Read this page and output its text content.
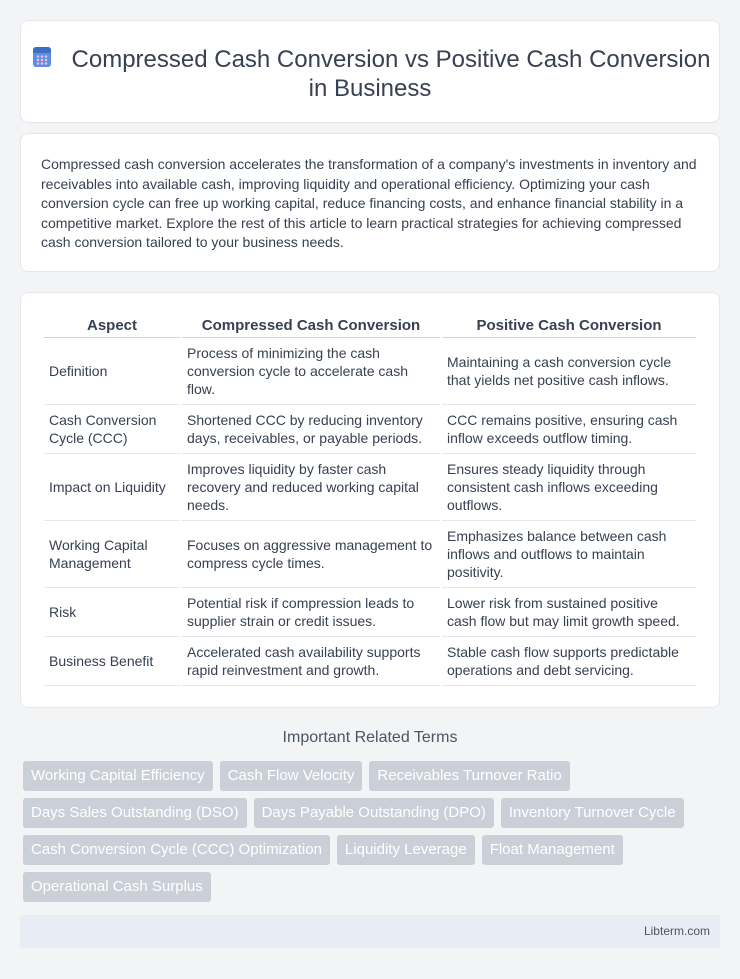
Compressed Cash Conversion vs Positive Cash Conversion in Business

Compressed cash conversion accelerates the transformation of a company's investments in inventory and receivables into available cash, improving liquidity and operational efficiency. Optimizing your cash conversion cycle can free up working capital, reduce financing costs, and enhance financial stability in a competitive market. Explore the rest of this article to learn practical strategies for achieving compressed cash conversion tailored to your business needs.

Aspect	Compressed Cash Conversion	Positive Cash Conversion
Definition	Process of minimizing the cash conversion cycle to accelerate cash flow.	Maintaining a cash conversion cycle that yields net positive cash inflows.
Cash Conversion Cycle (CCC)	Shortened CCC by reducing inventory days, receivables, or payable periods.	CCC remains positive, ensuring cash inflow exceeds outflow timing.
Impact on Liquidity	Improves liquidity by faster cash recovery and reduced working capital needs.	Ensures steady liquidity through consistent cash inflows exceeding outflows.
Working Capital Management	Focuses on aggressive management to compress cycle times.	Emphasizes balance between cash inflows and outflows to maintain positivity.
Risk	Potential risk if compression leads to supplier strain or credit issues.	Lower risk from sustained positive cash flow but may limit growth speed.
Business Benefit	Accelerated cash availability supports rapid reinvestment and growth.	Stable cash flow supports predictable operations and debt servicing.
Important Related Terms
Working Capital Efficiency	Cash Flow Velocity	Receivables Turnover Ratio
Days Sales Outstanding (DSO)	Days Payable Outstanding (DPO)	Inventory Turnover Cycle
Cash Conversion Cycle (CCC) Optimization	Liquidity Leverage	Float Management
Operational Cash Surplus
Libterm.com
